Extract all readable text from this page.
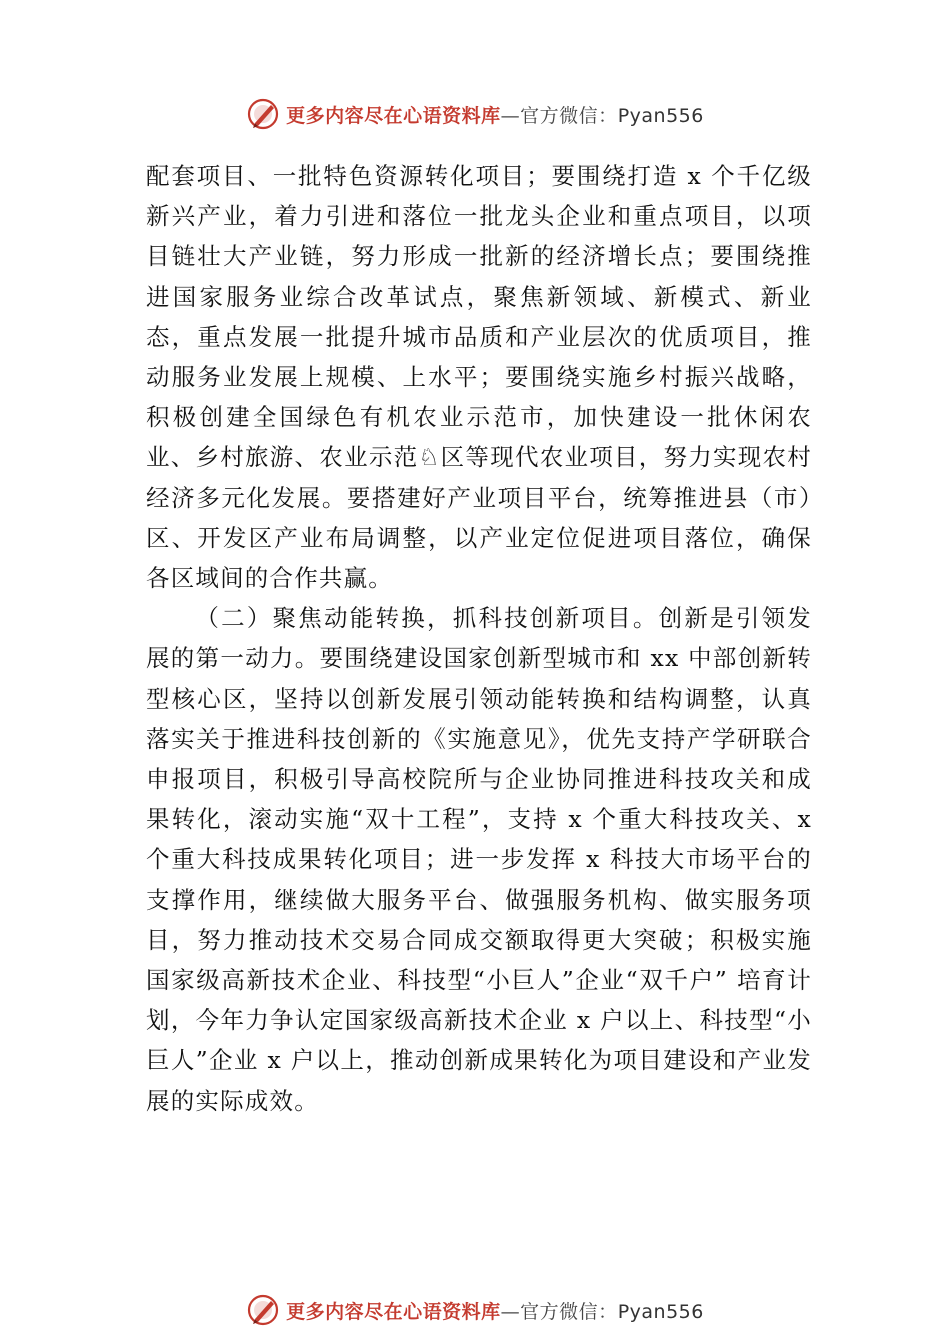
更多内容尽在心语资料库—官方微信：Pyan556

配套项目、一批特色资源转化项目；要围绕打造 x 个千亿级新兴产业，着力引进和落位一批龙头企业和重点项目，以项目链壮大产业链，努力形成一批新的经济增长点；要围绕推进国家服务业综合改革试点，聚焦新领域、新模式、新业态，重点发展一批提升城市品质和产业层次的优质项目，推动服务业发展上规模、上水平；要围绕实施乡村振兴战略，积极创建全国绿色有机农业示范市，加快建设一批休闲农业、乡村旅游、农业示范♘区等现代农业项目，努力实现农村经济多元化发展。要搭建好产业项目平台，统筹推进县（市）区、开发区产业布局调整，以产业定位促进项目落位，确保各区域间的合作共赢。

（二）聚焦动能转换，抓科技创新项目。创新是引领发展的第一动力。要围绕建设国家创新型城市和 xx 中部创新转型核心区，坚持以创新发展引领动能转换和结构调整，认真落实关于推进科技创新的《实施意见》，优先支持产学研联合申报项目，积极引导高校院所与企业协同推进科技攻关和成果转化，滚动实施“双十工程”，支持 x 个重大科技攻关、x 个重大科技成果转化项目；进一步发挥 x 科技大市场平台的支撑作用，继续做大服务平台、做强服务机构、做实服务项目，努力推动技术交易合同成交额取得更大突破；积极实施国家级高新技术企业、科技型“小巨人”企业“双千户” 培育计划，今年力争认定国家级高新技术企业 x 户以上、科技型“小巨人”企业 x 户以上，推动创新成果转化为项目建设和产业发展的实际成效。

更多内容尽在心语资料库—官方微信：Pyan556
